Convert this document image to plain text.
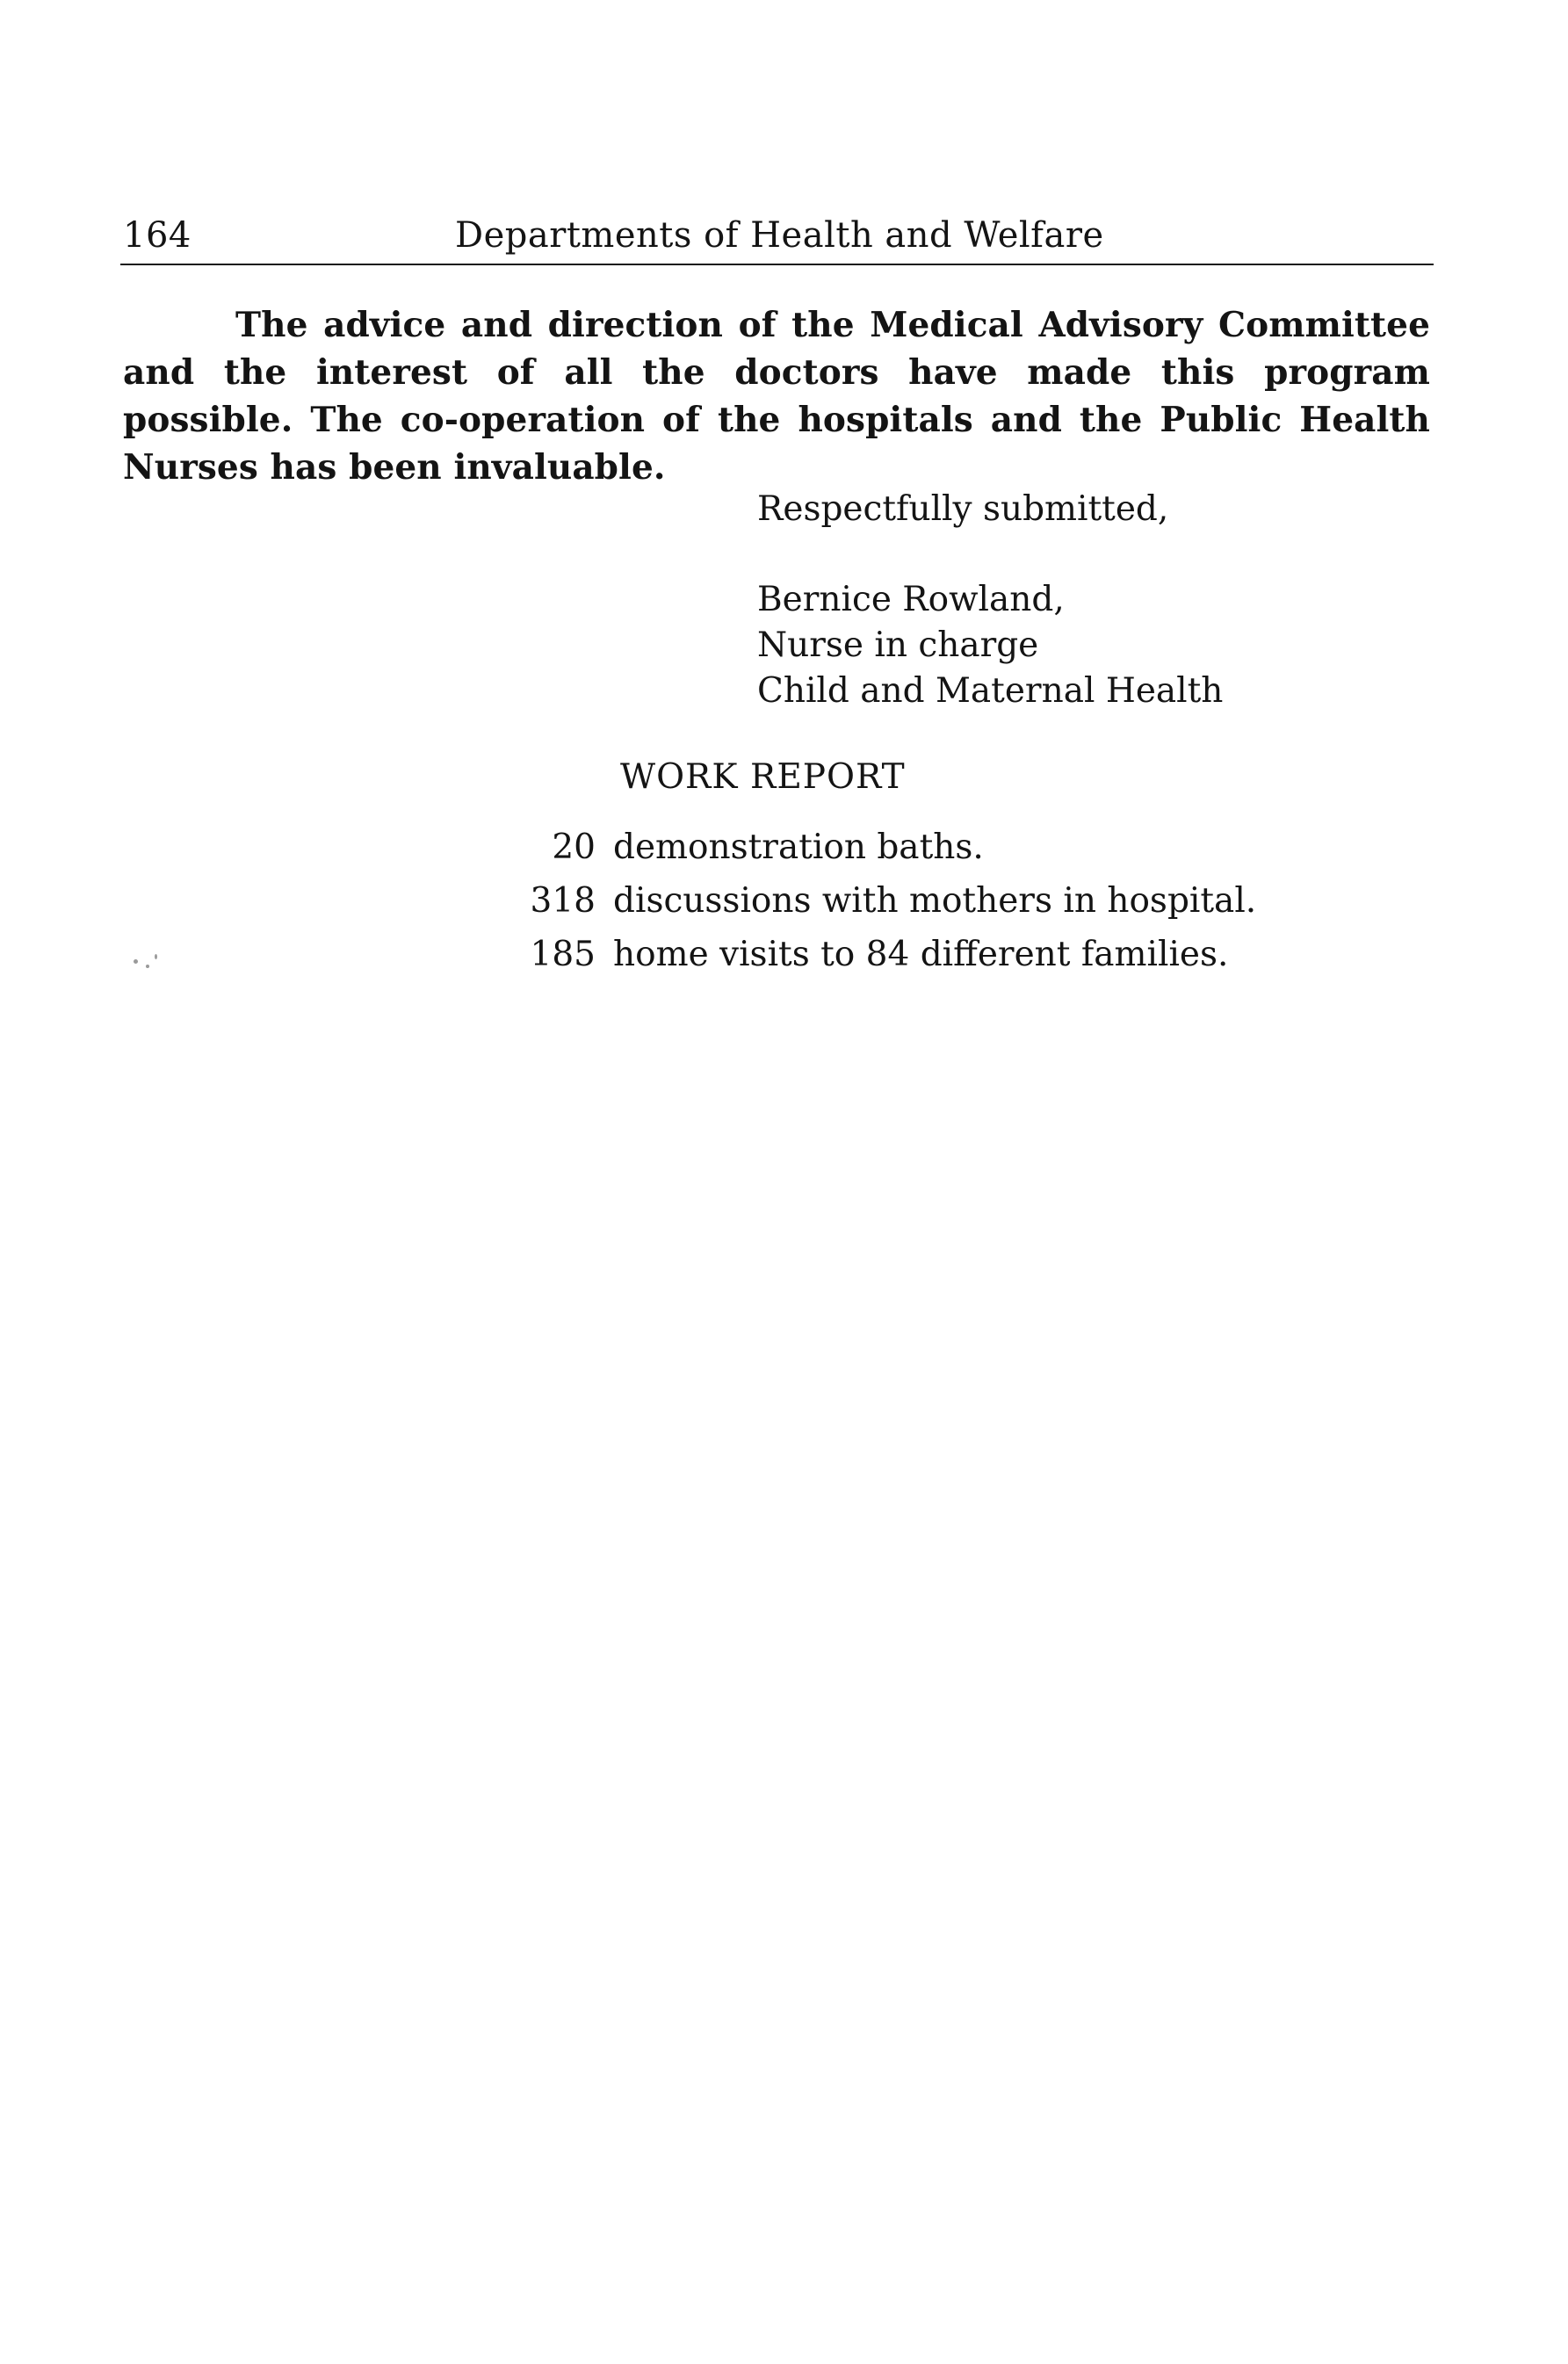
164	Departments of Health and Welfare

The advice and direction of the Medical Advisory Committee and the interest of all the doctors have made this program possible. The co-operation of the hospitals and the Public Health Nurses has been invaluable.

Respectfully submitted,

Bernice Rowland,
Nurse in charge
Child and Maternal Health
WORK REPORT
20 demonstration baths.
318 discussions with mothers in hospital.
185 home visits to 84 different families.
